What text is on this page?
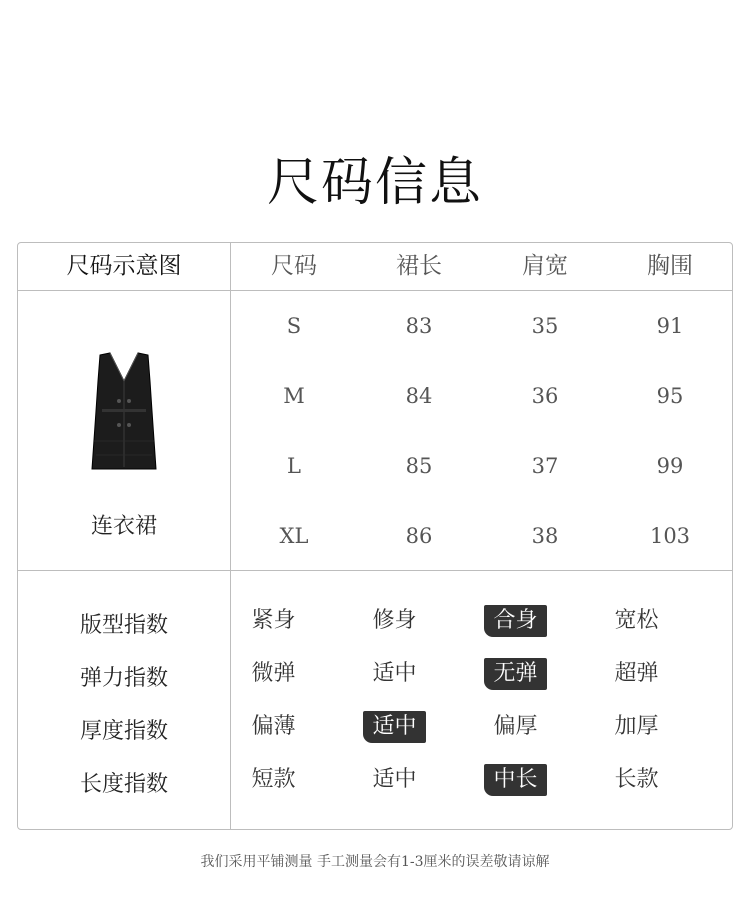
尺码信息
尺码示意图	尺码	裙长	肩宽	胸围
连衣裙
S	83	35	91
M	84	36	95
L	85	37	99
XL	86	38	103
版型指数	紧身	修身	合身	宽松
弹力指数	微弹	适中	无弹	超弹
厚度指数	偏薄	适中	偏厚	加厚
长度指数	短款	适中	中长	长款
我们采用平铺测量 手工测量会有1-3厘米的误差敬请谅解
